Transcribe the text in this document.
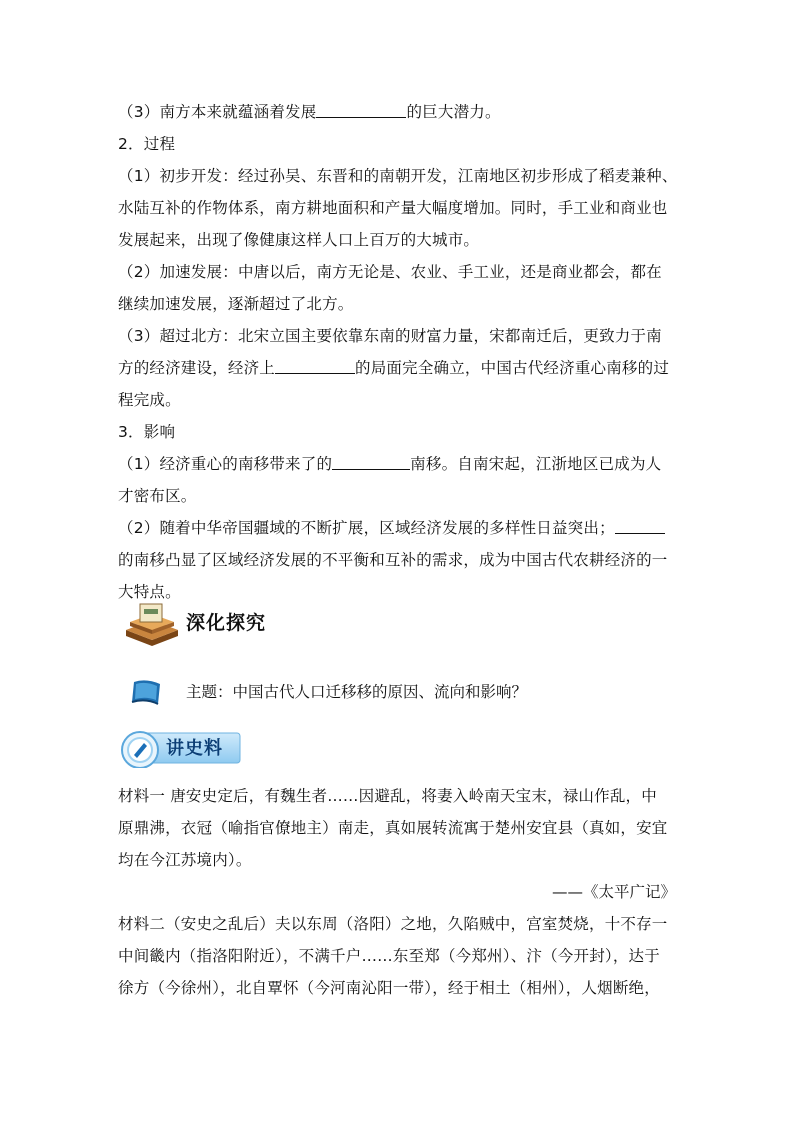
（3）南方本来就蕴涵着发展	的巨大潜力。
2．过程
（1）初步开发：经过孙吴、东晋和的南朝开发，江南地区初步形成了稻麦兼种、
水陆互补的作物体系，南方耕地面积和产量大幅度增加。同时，手工业和商业也
发展起来，出现了像健康这样人口上百万的大城市。
（2）加速发展：中唐以后，南方无论是、农业、手工业，还是商业都会，都在
继续加速发展，逐渐超过了北方。
（3）超过北方：北宋立国主要依靠东南的财富力量，宋都南迁后，更致力于南
方的经济建设，经济上	的局面完全确立，中国古代经济重心南移的过
程完成。
3．影响
（1）经济重心的南移带来了的	南移。自南宋起，江浙地区已成为人
才密布区。
（2）随着中华帝国疆域的不断扩展，区域经济发展的多样性日益突出；
的南移凸显了区域经济发展的不平衡和互补的需求，成为中国古代农耕经济的一
大特点。
深化探究
主题：中国古代人口迁移移的原因、流向和影响？
讲史料
材料一 唐安史定后，有魏生者……因避乱，将妻入岭南天宝末，禄山作乱，中
原鼎沸，衣冠（喻指官僚地主）南走，真如展转流寓于楚州安宜县（真如，安宜
均在今江苏境内）。
——《太平广记》
材料二（安史之乱后）夫以东周（洛阳）之地，久陷贼中，宫室焚烧，十不存一
中间畿内（指洛阳附近），不满千户……东至郑（今郑州）、汴（今开封），达于
徐方（今徐州），北自覃怀（今河南沁阳一带），经于相土（相州），人烟断绝，
